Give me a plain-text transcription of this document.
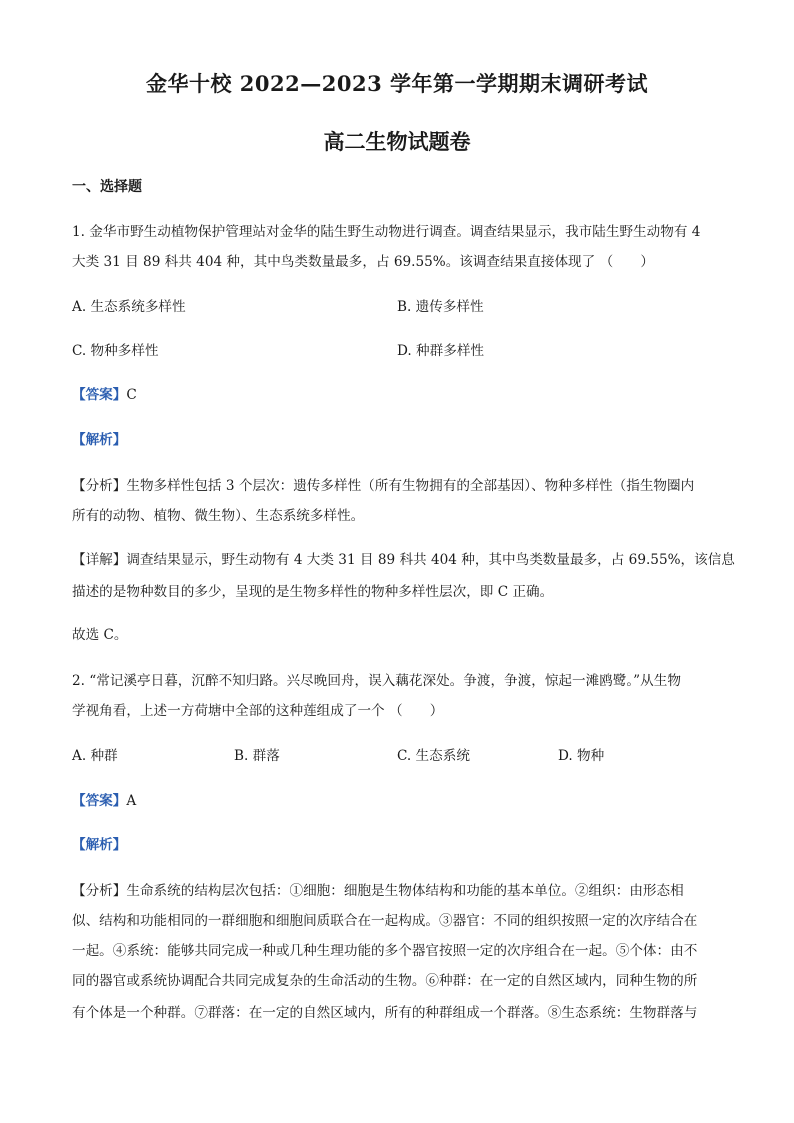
金华十校 2022—2023 学年第一学期期末调研考试
高二生物试题卷
一、选择题
1. 金华市野生动植物保护管理站对金华的陆生野生动物进行调查。调查结果显示，我市陆生野生动物有 4
大类 31 目 89 科共 404 种，其中鸟类数量最多，占 69.55%。该调查结果直接体现了 （　　）
A. 生态系统多样性	B. 遗传多样性
C. 物种多样性	D. 种群多样性
【答案】C
【解析】
【分析】生物多样性包括 3 个层次：遗传多样性（所有生物拥有的全部基因）、物种多样性（指生物圈内
所有的动物、植物、微生物）、生态系统多样性。
【详解】调查结果显示，野生动物有 4 大类 31 目 89 科共 404 种，其中鸟类数量最多，占 69.55%，该信息
描述的是物种数目的多少，呈现的是生物多样性的物种多样性层次，即 C 正确。
故选 C。
2. “常记溪亭日暮，沉醉不知归路。兴尽晚回舟，误入藕花深处。争渡，争渡，惊起一滩鸥鹭。”从生物
学视角看，上述一方荷塘中全部的这种莲组成了一个 （　　）
A. 种群	B. 群落	C. 生态系统	D. 物种
【答案】A
【解析】
【分析】生命系统的结构层次包括：①细胞：细胞是生物体结构和功能的基本单位。②组织：由形态相
似、结构和功能相同的一群细胞和细胞间质联合在一起构成。③器官：不同的组织按照一定的次序结合在
一起。④系统：能够共同完成一种或几种生理功能的多个器官按照一定的次序组合在一起。⑤个体：由不
同的器官或系统协调配合共同完成复杂的生命活动的生物。⑥种群：在一定的自然区域内，同种生物的所
有个体是一个种群。⑦群落：在一定的自然区域内，所有的种群组成一个群落。⑧生态系统：生物群落与
